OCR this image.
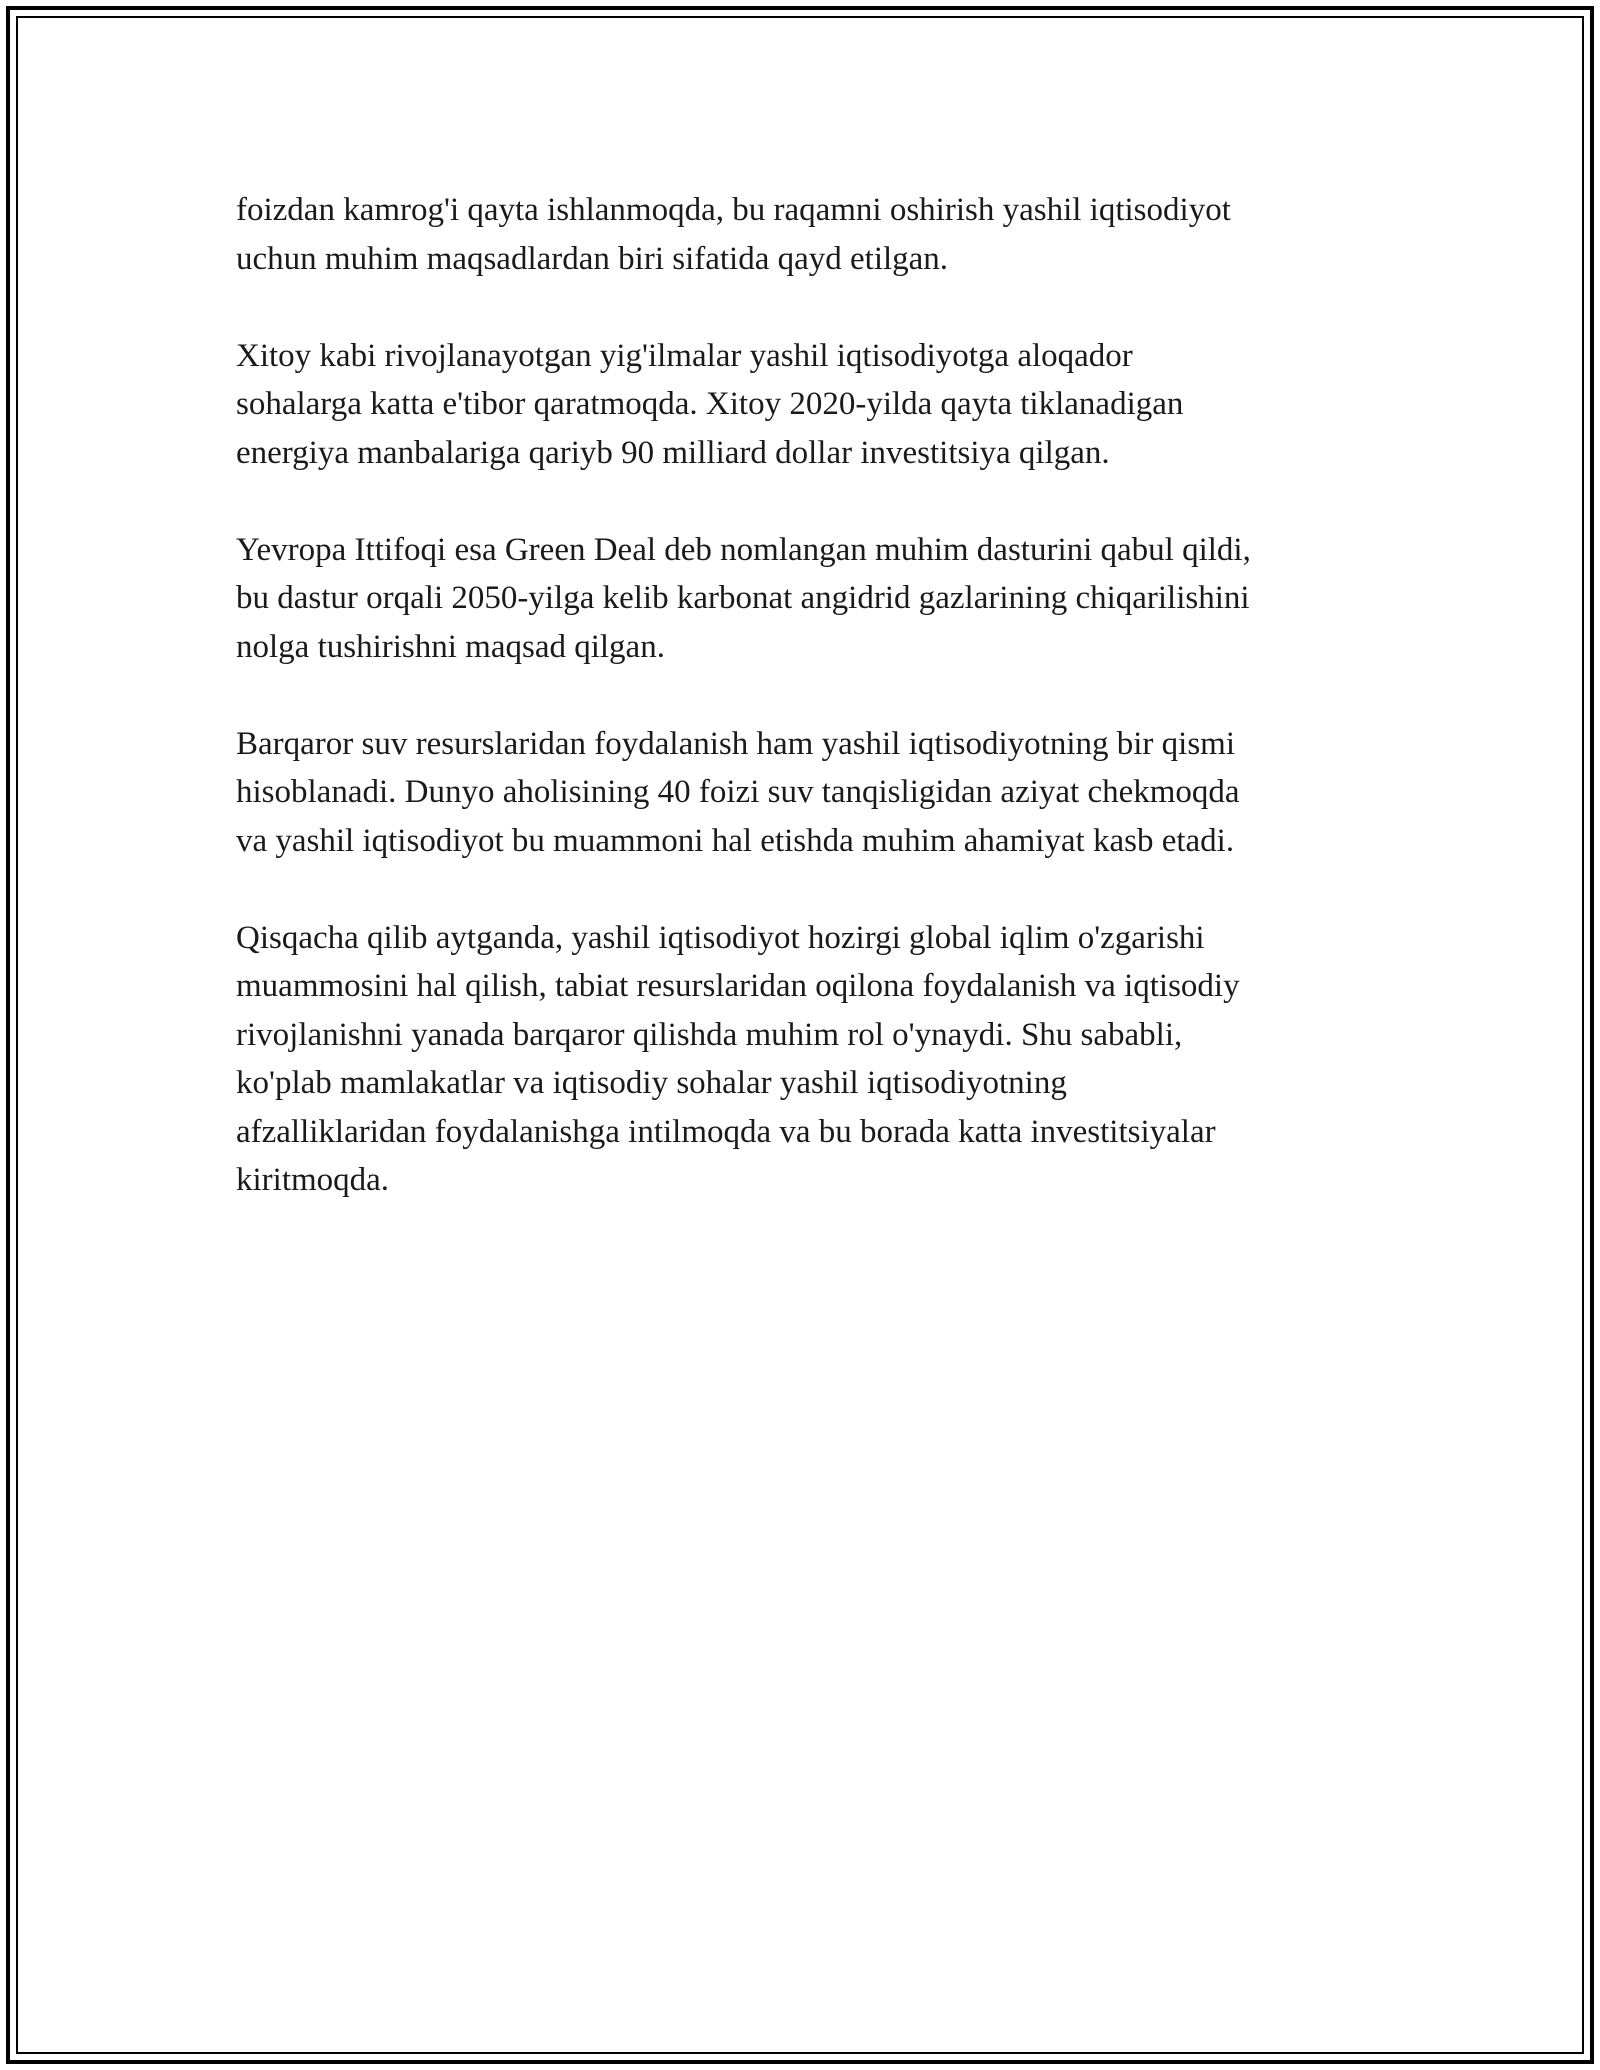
foizdan kamrog'i qayta ishlanmoqda, bu raqamni oshirish yashil iqtisodiyot
uchun muhim maqsadlardan biri sifatida qayd etilgan.

Xitoy kabi rivojlanayotgan yig'ilmalar yashil iqtisodiyotga aloqador
sohalarga katta e'tibor qaratmoqda. Xitoy 2020-yilda qayta tiklanadigan
energiya manbalariga qariyb 90 milliard dollar investitsiya qilgan.

Yevropa Ittifoqi esa Green Deal deb nomlangan muhim dasturini qabul qildi,
bu dastur orqali 2050-yilga kelib karbonat angidrid gazlarining chiqarilishini
nolga tushirishni maqsad qilgan.

Barqaror suv resurslaridan foydalanish ham yashil iqtisodiyotning bir qismi
hisoblanadi. Dunyo aholisining 40 foizi suv tanqisligidan aziyat chekmoqda
va yashil iqtisodiyot bu muammoni hal etishda muhim ahamiyat kasb etadi.

Qisqacha qilib aytganda, yashil iqtisodiyot hozirgi global iqlim o'zgarishi
muammosini hal qilish, tabiat resurslaridan oqilona foydalanish va iqtisodiy
rivojlanishni yanada barqaror qilishda muhim rol o'ynaydi. Shu sababli,
ko'plab mamlakatlar va iqtisodiy sohalar yashil iqtisodiyotning
afzalliklaridan foydalanishga intilmoqda va bu borada katta investitsiyalar
kiritmoqda.
